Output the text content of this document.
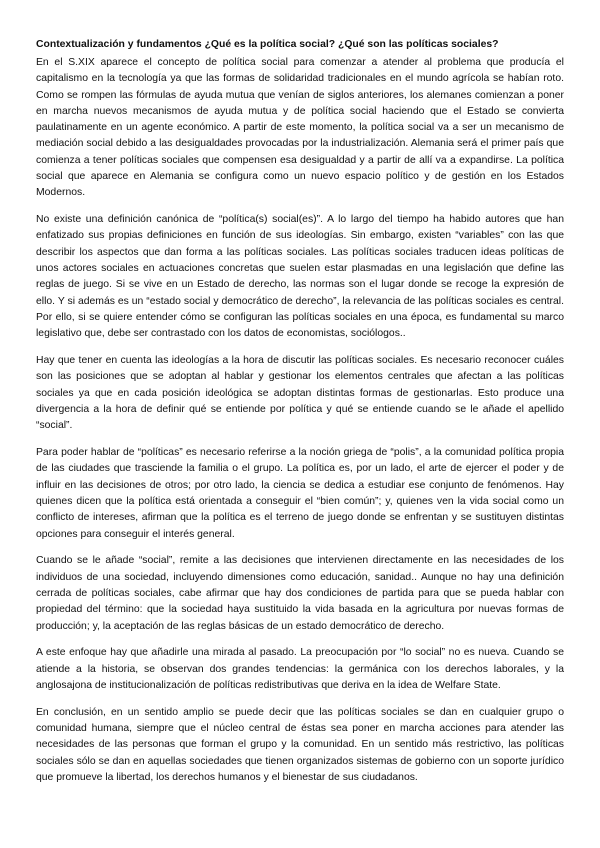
Contextualización y fundamentos ¿Qué es la política social? ¿Qué son las políticas sociales?

En el S.XIX aparece el concepto de política social para comenzar a atender al problema que producía el capitalismo en la tecnología ya que las formas de solidaridad tradicionales en el mundo agrícola se habían roto. Como se rompen las fórmulas de ayuda mutua que venían de siglos anteriores, los alemanes comienzan a poner en marcha nuevos mecanismos de ayuda mutua y de política social haciendo que el Estado se convierta paulatinamente en un agente económico. A partir de este momento, la política social va a ser un mecanismo de mediación social debido a las desigualdades provocadas por la industrialización. Alemania será el primer país que comienza a tener políticas sociales que compensen esa desigualdad y a partir de allí va a expandirse. La política social que aparece en Alemania se configura como un nuevo espacio político y de gestión en los Estados Modernos.

No existe una definición canónica de “política(s) social(es)”. A lo largo del tiempo ha habido autores que han enfatizado sus propias definiciones en función de sus ideologías. Sin embargo, existen “variables” con las que describir los aspectos que dan forma a las políticas sociales. Las políticas sociales traducen ideas políticas de unos actores sociales en actuaciones concretas que suelen estar plasmadas en una legislación que define las reglas de juego. Si se vive en un Estado de derecho, las normas son el lugar donde se recoge la expresión de ello. Y si además es un “estado social y democrático de derecho”, la relevancia de las políticas sociales es central. Por ello, si se quiere entender cómo se configuran las políticas sociales en una época, es fundamental su marco legislativo que, debe ser contrastado con los datos de economistas, sociólogos..

Hay que tener en cuenta las ideologías a la hora de discutir las políticas sociales. Es necesario reconocer cuáles son las posiciones que se adoptan al hablar y gestionar los elementos centrales que afectan a las políticas sociales ya que en cada posición ideológica se adoptan distintas formas de gestionarlas. Esto produce una divergencia a la hora de definir qué se entiende por política y qué se entiende cuando se le añade el apellido “social”.

Para poder hablar de “políticas” es necesario referirse a la noción griega de “polis”, a la comunidad política propia de las ciudades que trasciende la familia o el grupo. La política es, por un lado, el arte de ejercer el poder y de influir en las decisiones de otros; por otro lado, la ciencia se dedica a estudiar ese conjunto de fenómenos. Hay quienes dicen que la política está orientada a conseguir el “bien común”; y, quienes ven la vida social como un conflicto de intereses, afirman que la política es el terreno de juego donde se enfrentan y se sustituyen distintas opciones para conseguir el interés general.

Cuando se le añade “social”, remite a las decisiones que intervienen directamente en las necesidades de los individuos de una sociedad, incluyendo dimensiones como educación, sanidad.. Aunque no hay una definición cerrada de políticas sociales, cabe afirmar que hay dos condiciones de partida para que se pueda hablar con propiedad del término: que la sociedad haya sustituido la vida basada en la agricultura por nuevas formas de producción; y, la aceptación de las reglas básicas de un estado democrático de derecho.

A este enfoque hay que añadirle una mirada al pasado. La preocupación por “lo social” no es nueva. Cuando se atiende a la historia, se observan dos grandes tendencias: la germánica con los derechos laborales, y la anglosajona de institucionalización de políticas redistributivas que deriva en la idea de Welfare State.

En conclusión, en un sentido amplio se puede decir que las políticas sociales se dan en cualquier grupo o comunidad humana, siempre que el núcleo central de éstas sea poner en marcha acciones para atender las necesidades de las personas que forman el grupo y la comunidad. En un sentido más restrictivo, las políticas sociales sólo se dan en aquellas sociedades que tienen organizados sistemas de gobierno con un soporte jurídico que promueve la libertad, los derechos humanos y el bienestar de sus ciudadanos.
